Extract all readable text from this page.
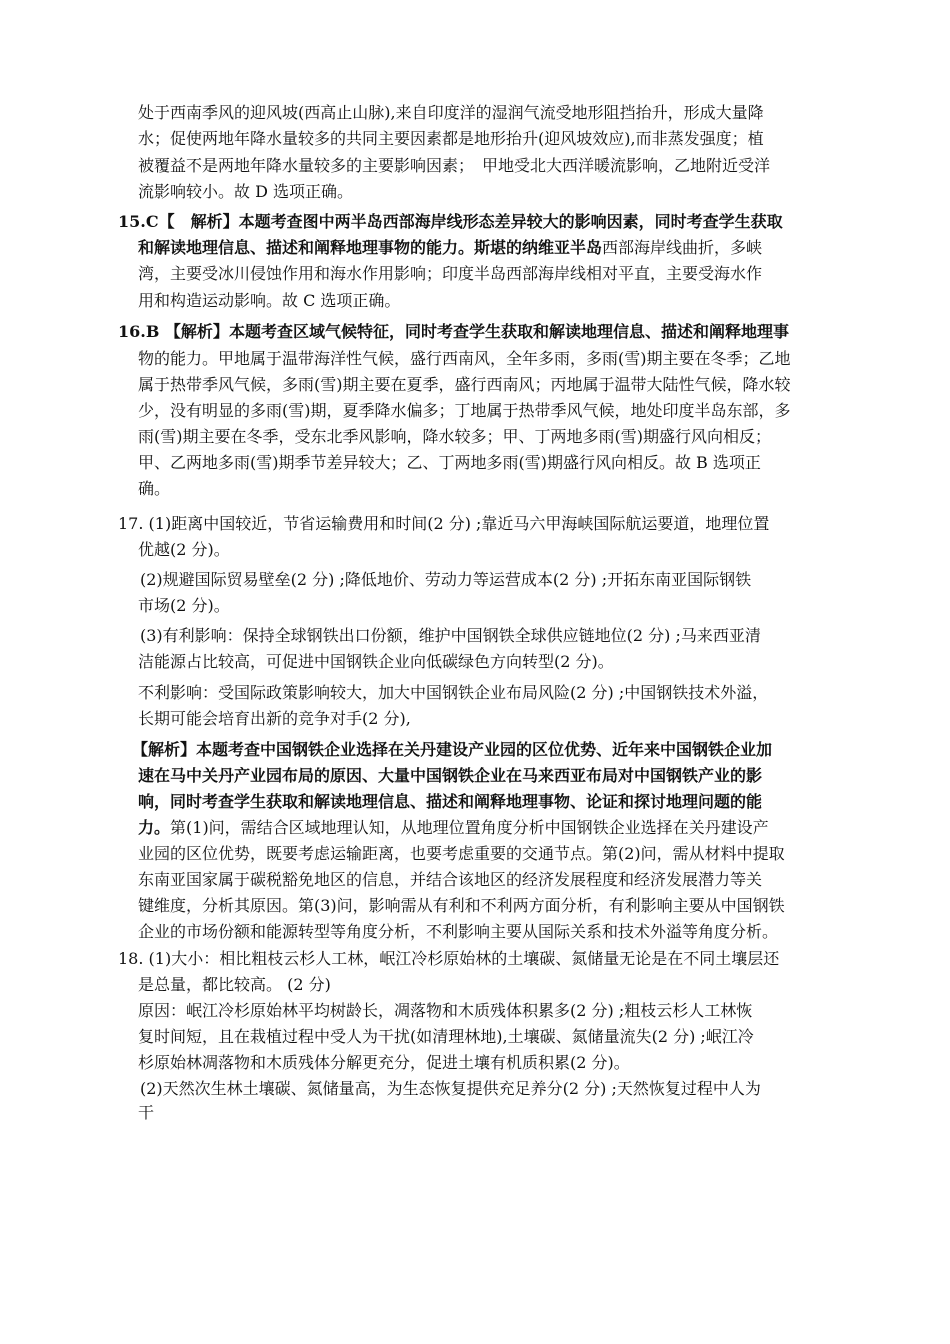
处于西南季风的迎风坡(西高止山脉),来自印度洋的湿润气流受地形阻挡抬升，形成大量降
水；促使两地年降水量较多的共同主要因素都是地形抬升(迎风坡效应),而非蒸发强度；植
被覆益不是两地年降水量较多的主要影响因素；　甲地受北大西洋暖流影响，乙地附近受洋
流影响较小。故 D 选项正确。
15.C【　解析】本题考查图中两半岛西部海岸线形态差异较大的影响因素，同时考查学生获取
和解读地理信息、描述和阐释地理事物的能力。斯堪的纳维亚半岛西部海岸线曲折，多峡
湾，主要受冰川侵蚀作用和海水作用影响；印度半岛西部海岸线相对平直，主要受海水作
用和构造运动影响。故 C 选项正确。
16.B 【解析】本题考查区域气候特征，同时考查学生获取和解读地理信息、描述和阐释地理事
物的能力。甲地属于温带海洋性气候，盛行西南风，全年多雨，多雨(雪)期主要在冬季；乙地
属于热带季风气候，多雨(雪)期主要在夏季，盛行西南风；丙地属于温带大陆性气候，降水较
少，没有明显的多雨(雪)期，夏季降水偏多；丁地属于热带季风气候，地处印度半岛东部，多
雨(雪)期主要在冬季，受东北季风影响，降水较多；甲、丁两地多雨(雪)期盛行风向相反；
甲、乙两地多雨(雪)期季节差异较大；乙、丁两地多雨(雪)期盛行风向相反。故 B 选项正
确。
17. (1)距离中国较近，节省运输费用和时间(2 分) ;靠近马六甲海峡国际航运要道，地理位置
优越(2 分)。
(2)规避国际贸易壁垒(2 分) ;降低地价、劳动力等运营成本(2 分) ;开拓东南亚国际钢铁
市场(2 分)。
(3)有利影响：保持全球钢铁出口份额，维护中国钢铁全球供应链地位(2 分) ;马来西亚清
洁能源占比较高，可促进中国钢铁企业向低碳绿色方向转型(2 分)。
不利影响：受国际政策影响较大，加大中国钢铁企业布局风险(2 分) ;中国钢铁技术外溢，
长期可能会培育出新的竞争对手(2 分),
【解析】本题考查中国钢铁企业选择在关丹建设产业园的区位优势、近年来中国钢铁企业加
速在马中关丹产业园布局的原因、大量中国钢铁企业在马来西亚布局对中国钢铁产业的影
响，同时考查学生获取和解读地理信息、描述和阐释地理事物、论证和探讨地理问题的能
力。第(1)问，需结合区域地理认知，从地理位置角度分析中国钢铁企业选择在关丹建设产
业园的区位优势，既要考虑运输距离，也要考虑重要的交通节点。第(2)问，需从材料中提取
东南亚国家属于碳税豁免地区的信息，并结合该地区的经济发展程度和经济发展潜力等关
键维度，分析其原因。第(3)问，影响需从有利和不利两方面分析，有利影响主要从中国钢铁
企业的市场份额和能源转型等角度分析，不利影响主要从国际关系和技术外溢等角度分析。
18. (1)大小：相比粗枝云杉人工林，岷江冷杉原始林的土壤碳、氮储量无论是在不同土壤层还
是总量，都比较高。 (2 分)
原因：岷江冷杉原始林平均树龄长，凋落物和木质残体积累多(2 分) ;粗枝云杉人工林恢
复时间短，且在栽植过程中受人为干扰(如清理林地),土壤碳、氮储量流失(2 分) ;岷江冷
杉原始林凋落物和木质残体分解更充分，促进土壤有机质积累(2 分)。
(2)天然次生林土壤碳、氮储量高，为生态恢复提供充足养分(2 分) ;天然恢复过程中人为
干
